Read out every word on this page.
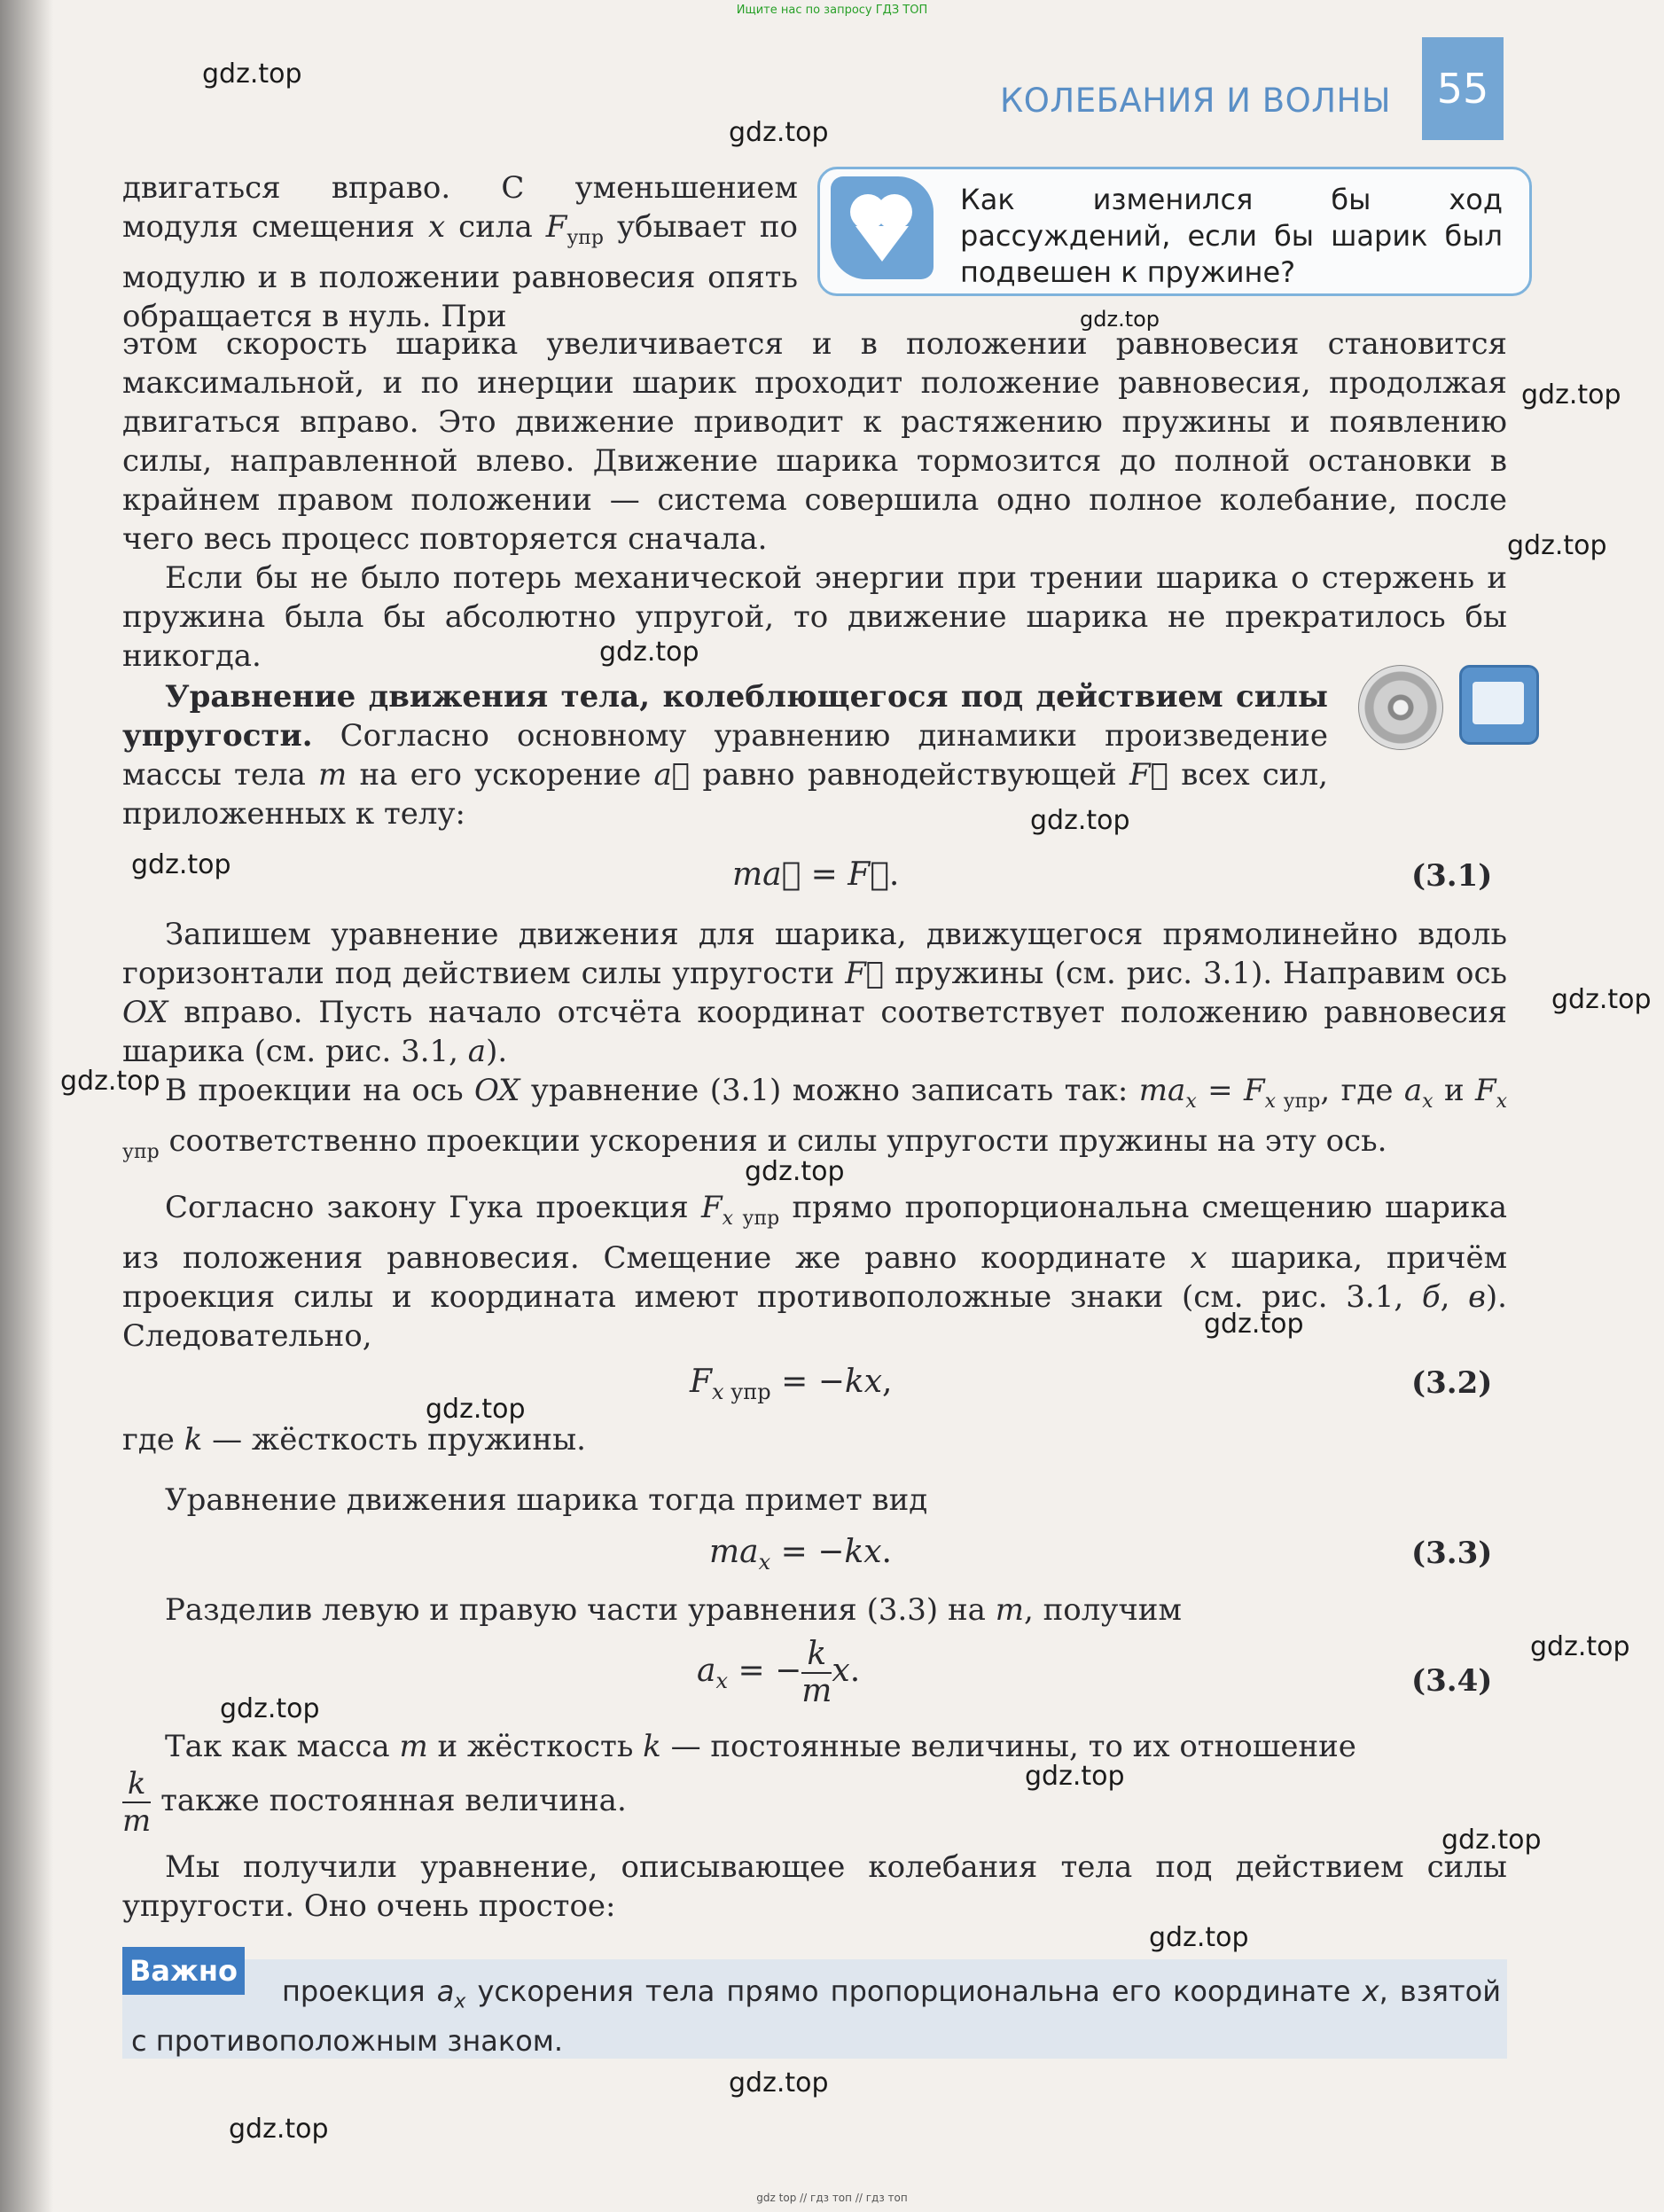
Ищите нас по запросу ГДЗ ТОП
gdz.top
gdz.top
gdz.top
gdz.top
gdz.top
gdz.top
gdz.top
gdz.top
gdz.top
gdz.top
gdz.top
gdz.top
gdz.top
gdz.top
gdz.top
gdz.top
gdz.top
gdz.top
gdz.top
gdz.top
КОЛЕБАНИЯ И ВОЛНЫ	55
Как изменился бы ход рассуждений, если бы шарик был подвешен к пружине?
двигаться вправо. С уменьшением модуля смещения x сила $F_{упр}$ убывает по модулю и в положении равновесия опять обращается в нуль. При
этом скорость шарика увеличивается и в положении равновесия становится максимальной, и по инерции шарик проходит положение равновесия, продолжая двигаться вправо. Это движение приводит к растяжению пружины и появлению силы, направленной влево. Движение шарика тормозится до полной остановки в крайнем правом положении — система совершила одно полное колебание, после чего весь процесс повторяется сначала.
Если бы не было потерь механической энергии при трении шарика о стержень и пружина была бы абсолютно упругой, то движение шарика не прекратилось бы никогда.
Уравнение движения тела, колеблющегося под действием силы упругости. Согласно основному уравнению динамики произведение массы тела m на его ускорение a⃗ равно равнодействующей F⃗ всех сил, приложенных к телу:
ma⃗ = F⃗.	(3.1)
Запишем уравнение движения для шарика, движущегося прямолинейно вдоль горизонтали под действием силы упругости F⃗ пружины (см. рис. 3.1). Направим ось OX вправо. Пусть начало отсчёта координат соответствует положению равновесия шарика (см. рис. 3.1, а).
В проекции на ось OX уравнение (3.1) можно записать так: $ma_x = F_{x упр}$, где $a_x$ и $F_{x упр}$ соответственно проекции ускорения и силы упругости пружины на эту ось.
Согласно закону Гука проекция $F_{x упр}$ прямо пропорциональна смещению шарика из положения равновесия. Смещение же равно координате x шарика, причём проекция силы и координата имеют противоположные знаки (см. рис. 3.1, б, в). Следовательно,
$F_{x упр} = -kx$,	(3.2)
где k — жёсткость пружины.
Уравнение движения шарика тогда примет вид
$ma_x = -kx$.	(3.3)
Разделив левую и правую части уравнения (3.3) на m, получим
$a_x$ = − $\frac{k}{m} x$.	(3.4)
Так как масса m и жёсткость k — постоянные величины, то их отношение
$\frac{k}{m}$ также постоянная величина.
Мы получили уравнение, описывающее колебания тела под действием силы упругости. Оно очень простое:
Важно
проекция $a_x$ ускорения тела прямо пропорциональна его координате x, взятой с противоположным знаком.
gdz top // гдз топ // гдз топ
